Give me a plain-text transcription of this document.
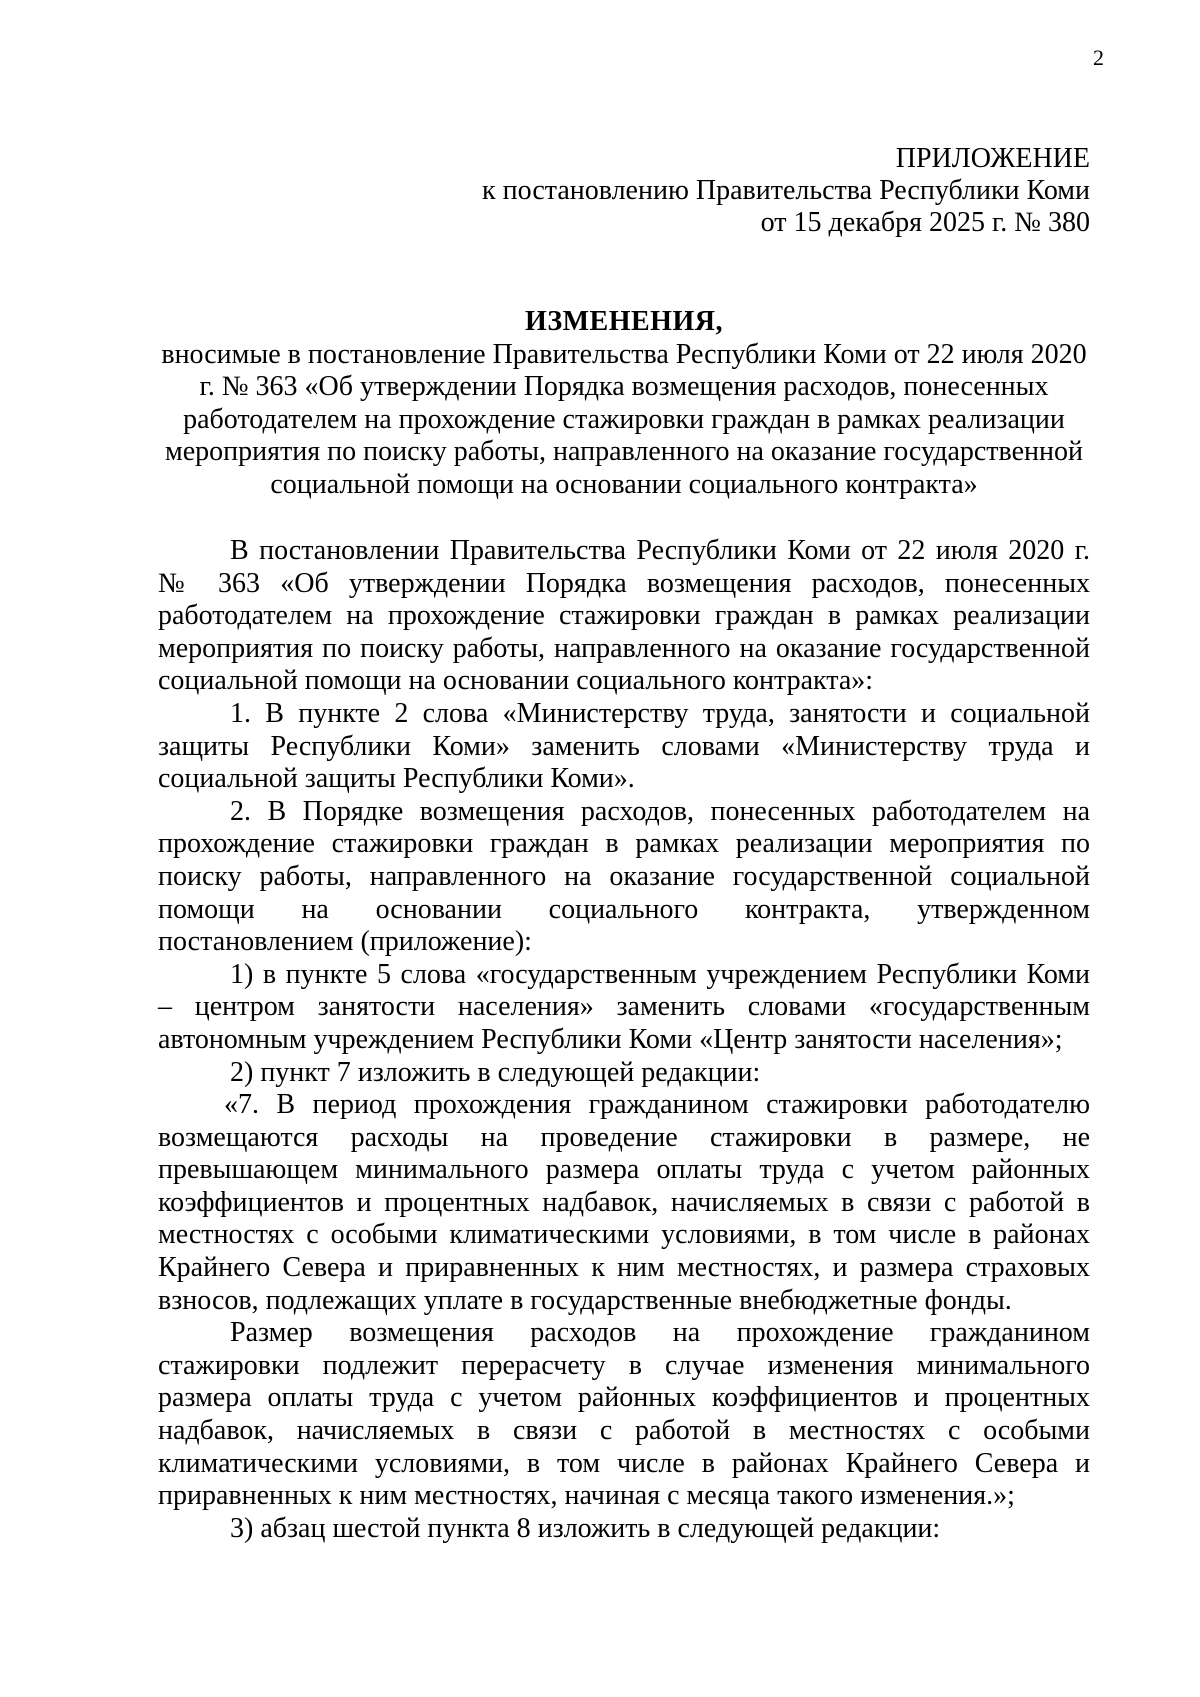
2
ПРИЛОЖЕНИЕ
к постановлению Правительства Республики Коми
от 15 декабря 2025 г. № 380
ИЗМЕНЕНИЯ,
вносимые в постановление Правительства Республики Коми от 22 июля 2020 г. № 363 «Об утверждении Порядка возмещения расходов, понесенных работодателем на прохождение стажировки граждан в рамках реализации мероприятия по поиску работы, направленного на оказание государственной социальной помощи на основании социального контракта»

В постановлении Правительства Республики Коми от 22 июля 2020 г. № 363 «Об утверждении Порядка возмещения расходов, понесенных работодателем на прохождение стажировки граждан в рамках реализации мероприятия по поиску работы, направленного на оказание государственной социальной помощи на основании социального контракта»:

1. В пункте 2 слова «Министерству труда, занятости и социальной защиты Республики Коми» заменить словами «Министерству труда и социальной защиты Республики Коми».

2. В Порядке возмещения расходов, понесенных работодателем на прохождение стажировки граждан в рамках реализации мероприятия по поиску работы, направленного на оказание государственной социальной помощи на основании социального контракта, утвержденном постановлением (приложение):

1) в пункте 5 слова «государственным учреждением Республики Коми – центром занятости населения» заменить словами «государственным автономным учреждением Республики Коми «Центр занятости населения»;

2) пункт 7 изложить в следующей редакции:

«7. В период прохождения гражданином стажировки работодателю возмещаются расходы на проведение стажировки в размере, не превышающем минимального размера оплаты труда с учетом районных коэффициентов и процентных надбавок, начисляемых в связи с работой в местностях с особыми климатическими условиями, в том числе в районах Крайнего Севера и приравненных к ним местностях, и размера страховых взносов, подлежащих уплате в государственные внебюджетные фонды.

Размер возмещения расходов на прохождение гражданином стажировки подлежит перерасчету в случае изменения минимального размера оплаты труда с учетом районных коэффициентов и процентных надбавок, начисляемых в связи с работой в местностях с особыми климатическими условиями, в том числе в районах Крайнего Севера и приравненных к ним местностях, начиная с месяца такого изменения.»;

3) абзац шестой пункта 8 изложить в следующей редакции:
